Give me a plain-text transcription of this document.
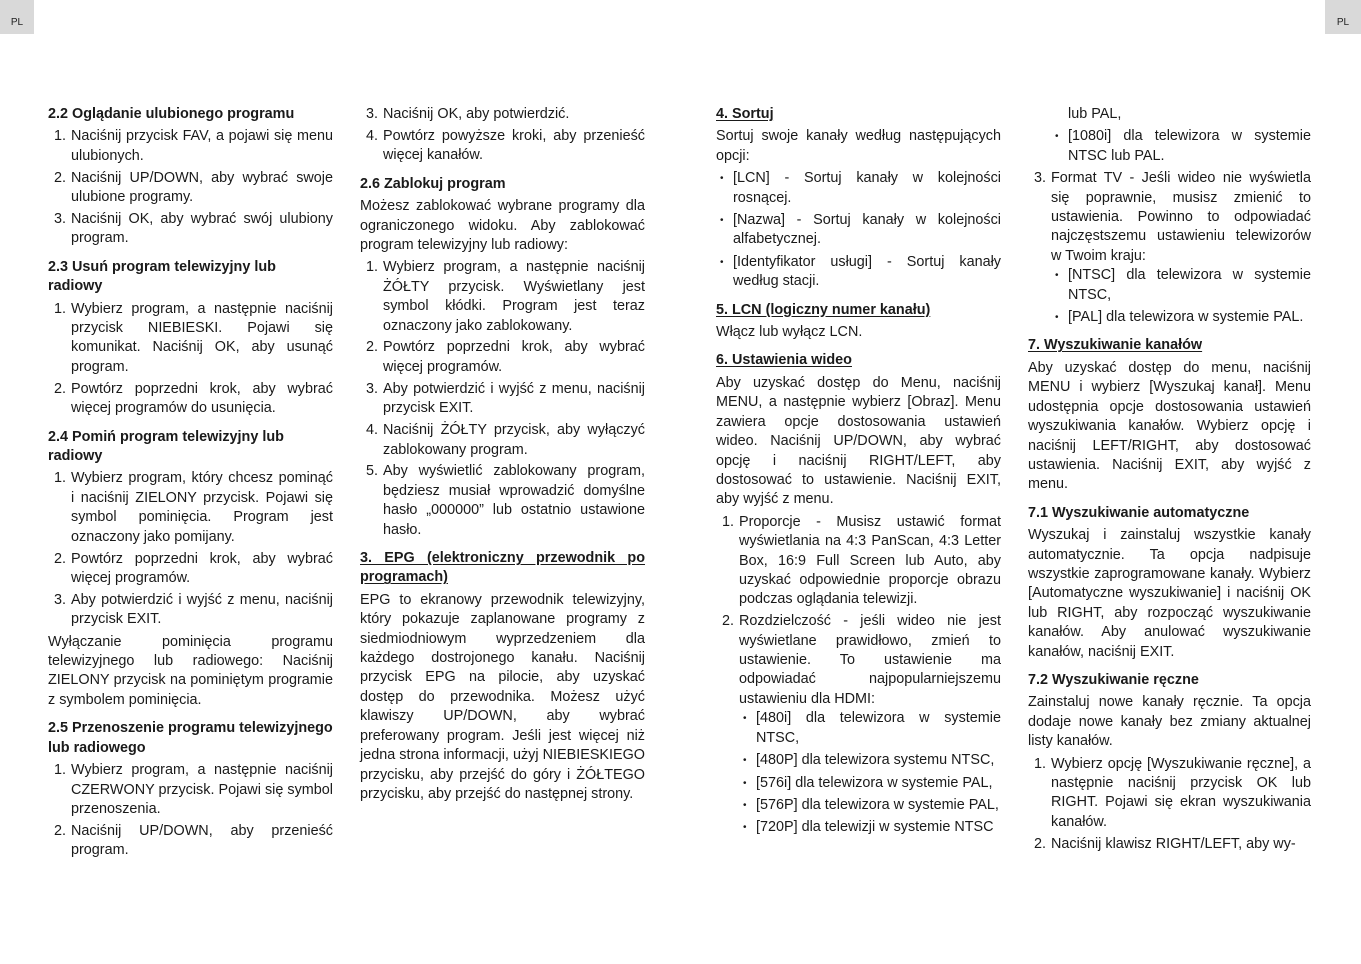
PL	PL
2.2 Oglądanie ulubionego programu
1. Naciśnij przycisk FAV, a pojawi się menu ulubionych.
2. Naciśnij UP/DOWN, aby wybrać swoje ulubione programy.
3. Naciśnij OK, aby wybrać swój ulubiony program.
2.3 Usuń program telewizyjny lub radiowy
1. Wybierz program, a następnie naciśnij przycisk NIEBIESKI. Pojawi się komunikat. Naciśnij OK, aby usunąć program.
2. Powtórz poprzedni krok, aby wybrać więcej programów do usunięcia.
2.4 Pomiń program telewizyjny lub radiowy
1. Wybierz program, który chcesz pominąć i naciśnij ZIELONY przycisk. Pojawi się symbol pominięcia. Program jest oznaczony jako pomijany.
2. Powtórz poprzedni krok, aby wybrać więcej programów.
3. Aby potwierdzić i wyjść z menu, naciśnij przycisk EXIT.

Wyłączanie pominięcia programu telewizyjnego lub radiowego: Naciśnij ZIELONY przycisk na pominiętym programie z symbolem pominięcia.

2.5 Przenoszenie programu telewizyjnego lub radiowego
1. Wybierz program, a następnie naciśnij CZERWONY przycisk. Pojawi się symbol przenoszenia.
2. Naciśnij UP/DOWN, aby przenieść program.
3. Naciśnij OK, aby potwierdzić.
4. Powtórz powyższe kroki, aby przenieść więcej kanałów.
2.6 Zablokuj program

Możesz zablokować wybrane programy dla ograniczonego widoku. Aby zablokować program telewizyjny lub radiowy:

1. Wybierz program, a następnie naciśnij ŻÓŁTY przycisk. Wyświetlany jest symbol kłódki. Program jest teraz oznaczony jako zablokowany.
2. Powtórz poprzedni krok, aby wybrać więcej programów.
3. Aby potwierdzić i wyjść z menu, naciśnij przycisk EXIT.
4. Naciśnij ŻÓŁTY przycisk, aby wyłączyć zablokowany program.
5. Aby wyświetlić zablokowany program, będziesz musiał wprowadzić domyślne hasło „000000” lub ostatnio ustawione hasło.
3. EPG (elektroniczny przewodnik po programach)

EPG to ekranowy przewodnik telewizyjny, który pokazuje zaplanowane programy z siedmiodniowym wyprzedzeniem dla każdego dostrojonego kanału. Naciśnij przycisk EPG na pilocie, aby uzyskać dostęp do przewodnika. Możesz użyć klawiszy UP/DOWN, aby wybrać preferowany program. Jeśli jest więcej niż jedna strona informacji, użyj NIEBIESKIEGO przycisku, aby przejść do góry i ŻÓŁTEGO przycisku, aby przejść do następnej strony.

4. Sortuj

Sortuj swoje kanały według następujących opcji:

• [LCN] - Sortuj kanały w kolejności rosnącej.
• [Nazwa] - Sortuj kanały w kolejności alfabetycznej.
• [Identyfikator usługi] - Sortuj kanały według stacji.
5. LCN (logiczny numer kanału)

Włącz lub wyłącz LCN.

6. Ustawienia wideo

Aby uzyskać dostęp do Menu, naciśnij MENU, a następnie wybierz [Obraz]. Menu zawiera opcje dostosowania ustawień wideo. Naciśnij UP/DOWN, aby wybrać opcję i naciśnij RIGHT/LEFT, aby dostosować to ustawienie. Naciśnij EXIT, aby wyjść z menu.

1. Proporcje - Musisz ustawić format wyświetlania na 4:3 PanScan, 4:3 Letter Box, 16:9 Full Screen lub Auto, aby uzyskać odpowiednie proporcje obrazu podczas oglądania telewizji.
2. Rozdzielczość - jeśli wideo nie jest wyświetlane prawidłowo, zmień to ustawienie. To ustawienie ma odpowiadać najpopularniejszemu ustawieniu dla HDMI:
• [480i] dla telewizora w systemie NTSC,
• [480P] dla telewizora systemu NTSC,
• [576i] dla telewizora w systemie PAL,
• [576P] dla telewizora w systemie PAL,
• [720P] dla telewizji w systemie NTSC

lub PAL,

• [1080i] dla telewizora w systemie NTSC lub PAL.
3. Format TV - Jeśli wideo nie wyświetla się poprawnie, musisz zmienić to ustawienia. Powinno to odpowiadać najczęstszemu ustawieniu telewizorów w Twoim kraju:
• [NTSC] dla telewizora w systemie NTSC,
• [PAL] dla telewizora w systemie PAL.
7. Wyszukiwanie kanałów

Aby uzyskać dostęp do menu, naciśnij MENU i wybierz [Wyszukaj kanał]. Menu udostępnia opcje dostosowania ustawień wyszukiwania kanałów. Wybierz opcję i naciśnij LEFT/RIGHT, aby dostosować ustawienia. Naciśnij EXIT, aby wyjść z menu.

7.1 Wyszukiwanie automatyczne

Wyszukaj i zainstaluj wszystkie kanały automatycznie. Ta opcja nadpisuje wszystkie zaprogramowane kanały. Wybierz [Automatyczne wyszukiwanie] i naciśnij OK lub RIGHT, aby rozpocząć wyszukiwanie kanałów. Aby anulować wyszukiwanie kanałów, naciśnij EXIT.

7.2 Wyszukiwanie ręczne

Zainstaluj nowe kanały ręcznie. Ta opcja dodaje nowe kanały bez zmiany aktualnej listy kanałów.

1. Wybierz opcję [Wyszukiwanie ręczne], a następnie naciśnij przycisk OK lub RIGHT. Pojawi się ekran wyszukiwania kanałów.
2. Naciśnij klawisz RIGHT/LEFT, aby wy-
